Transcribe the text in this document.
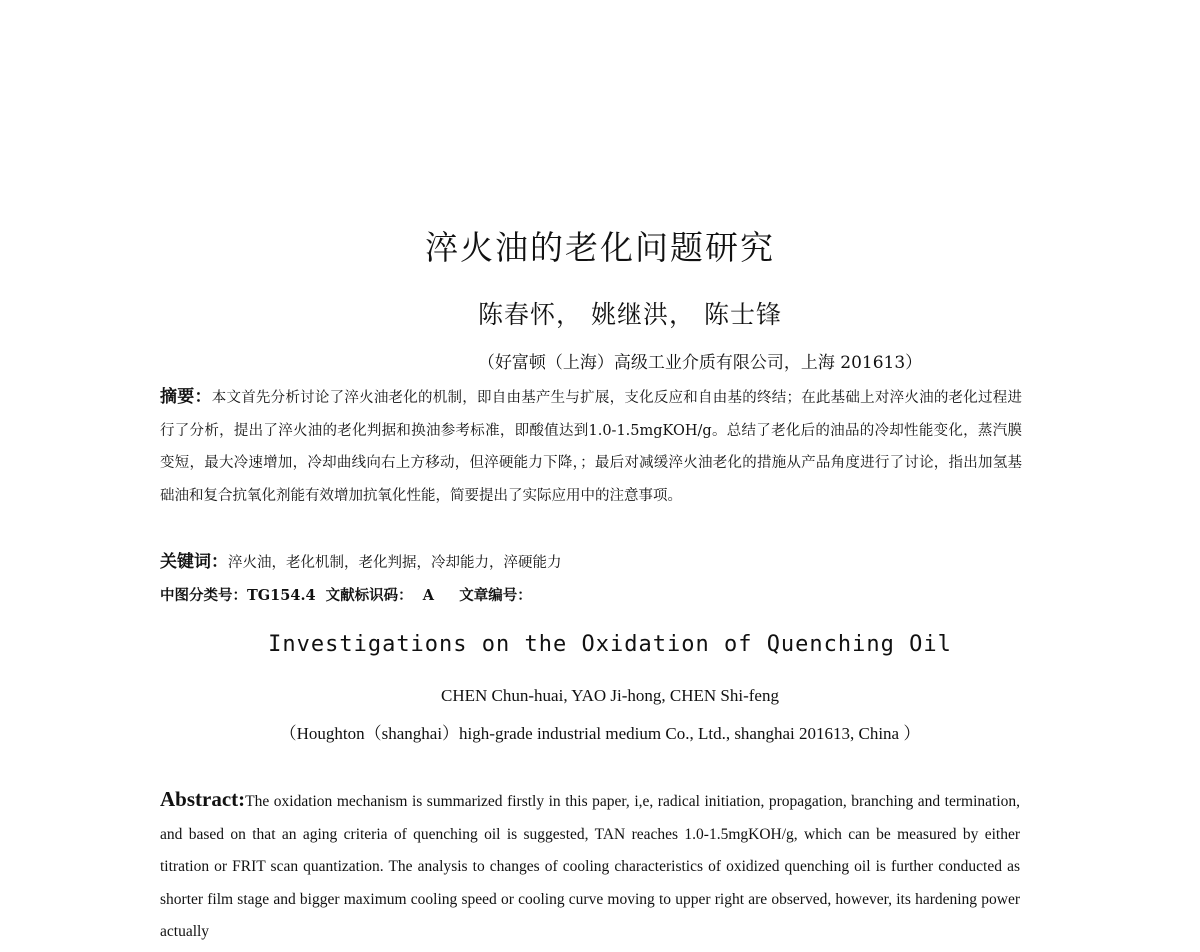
淬火油的老化问题研究
陈春怀， 姚继洪， 陈士锋
（好富顿（上海）高级工业介质有限公司，上海 201613）
摘要：本文首先分析讨论了淬火油老化的机制，即自由基产生与扩展，支化反应和自由基的终结；在此基础上对淬火油的老化过程进行了分析，提出了淬火油的老化判据和换油参考标准，即酸值达到1.0-1.5mgKOH/g。总结了老化后的油品的冷却性能变化，蒸汽膜变短，最大冷速增加，冷却曲线向右上方移动，但淬硬能力下降，；最后对减缓淬火油老化的措施从产品角度进行了讨论，指出加氢基础油和复合抗氧化剂能有效增加抗氧化性能，简要提出了实际应用中的注意事项。
关键词：淬火油，老化机制，老化判据，冷却能力，淬硬能力
中图分类号：TG154.4  文献标识码：  A     文章编号：
Investigations on the Oxidation of Quenching Oil
CHEN Chun-huai, YAO Ji-hong, CHEN Shi-feng
（Houghton（shanghai）high-grade industrial medium Co., Ltd., shanghai 201613, China ）
Abstract:The oxidation mechanism is summarized firstly in this paper, i,e, radical initiation, propagation, branching and termination, and based on that an aging criteria of quenching oil is suggested, TAN reaches 1.0-1.5mgKOH/g, which can be measured by either titration or FRIT scan quantization. The analysis to changes of cooling characteristics of oxidized quenching oil is further conducted as shorter film stage and bigger maximum cooling speed or cooling curve moving to upper right are observed, however, its hardening power actually
